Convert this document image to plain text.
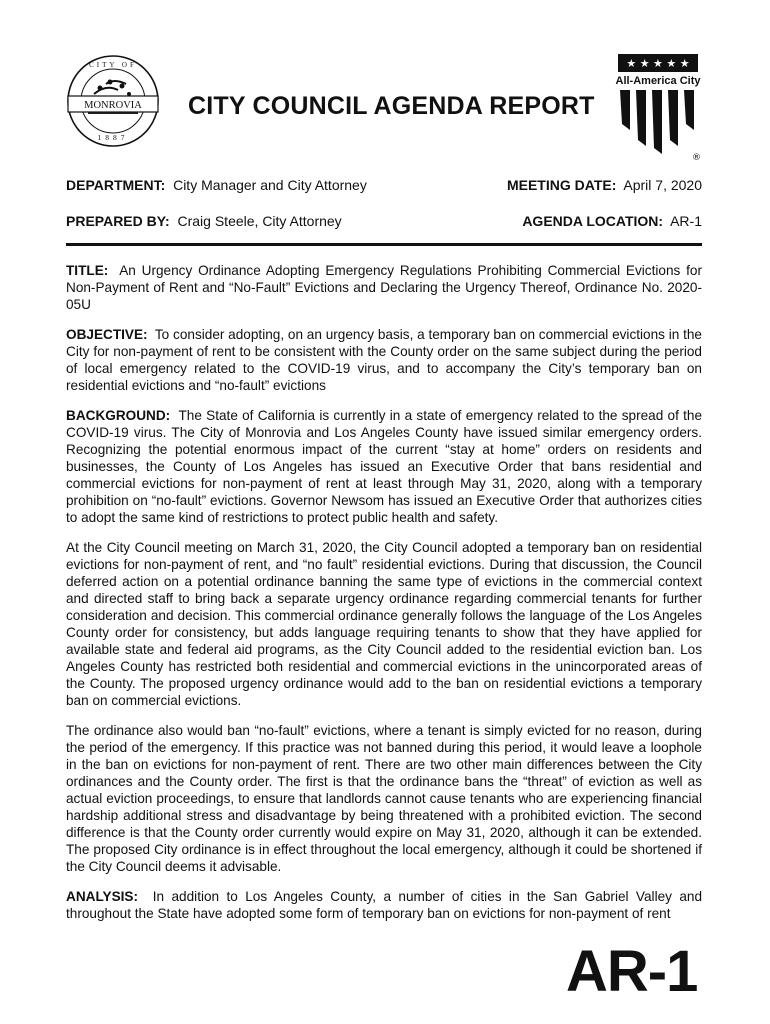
MONROVIA
CITY OF
1887
CITY COUNCIL AGENDA REPORT
★ ★ ★ ★ ★
All-America City
®
DEPARTMENT: City Manager and City Attorney	MEETING DATE: April 7, 2020
PREPARED BY: Craig Steele, City Attorney	AGENDA LOCATION: AR-1

TITLE: An Urgency Ordinance Adopting Emergency Regulations Prohibiting Commercial Evictions for Non-Payment of Rent and “No-Fault” Evictions and Declaring the Urgency Thereof, Ordinance No. 2020-05U

OBJECTIVE: To consider adopting, on an urgency basis, a temporary ban on commercial evictions in the City for non-payment of rent to be consistent with the County order on the same subject during the period of local emergency related to the COVID-19 virus, and to accompany the City’s temporary ban on residential evictions and “no-fault” evictions

BACKGROUND: The State of California is currently in a state of emergency related to the spread of the COVID-19 virus. The City of Monrovia and Los Angeles County have issued similar emergency orders. Recognizing the potential enormous impact of the current “stay at home” orders on residents and businesses, the County of Los Angeles has issued an Executive Order that bans residential and commercial evictions for non-payment of rent at least through May 31, 2020, along with a temporary prohibition on “no-fault” evictions. Governor Newsom has issued an Executive Order that authorizes cities to adopt the same kind of restrictions to protect public health and safety.

At the City Council meeting on March 31, 2020, the City Council adopted a temporary ban on residential evictions for non-payment of rent, and “no fault” residential evictions. During that discussion, the Council deferred action on a potential ordinance banning the same type of evictions in the commercial context and directed staff to bring back a separate urgency ordinance regarding commercial tenants for further consideration and decision. This commercial ordinance generally follows the language of the Los Angeles County order for consistency, but adds language requiring tenants to show that they have applied for available state and federal aid programs, as the City Council added to the residential eviction ban. Los Angeles County has restricted both residential and commercial evictions in the unincorporated areas of the County. The proposed urgency ordinance would add to the ban on residential evictions a temporary ban on commercial evictions.

The ordinance also would ban “no-fault” evictions, where a tenant is simply evicted for no reason, during the period of the emergency. If this practice was not banned during this period, it would leave a loophole in the ban on evictions for non-payment of rent. There are two other main differences between the City ordinances and the County order. The first is that the ordinance bans the “threat” of eviction as well as actual eviction proceedings, to ensure that landlords cannot cause tenants who are experiencing financial hardship additional stress and disadvantage by being threatened with a prohibited eviction. The second difference is that the County order currently would expire on May 31, 2020, although it can be extended. The proposed City ordinance is in effect throughout the local emergency, although it could be shortened if the City Council deems it advisable.

ANALYSIS: In addition to Los Angeles County, a number of cities in the San Gabriel Valley and throughout the State have adopted some form of temporary ban on evictions for non-payment of rent

AR-1
